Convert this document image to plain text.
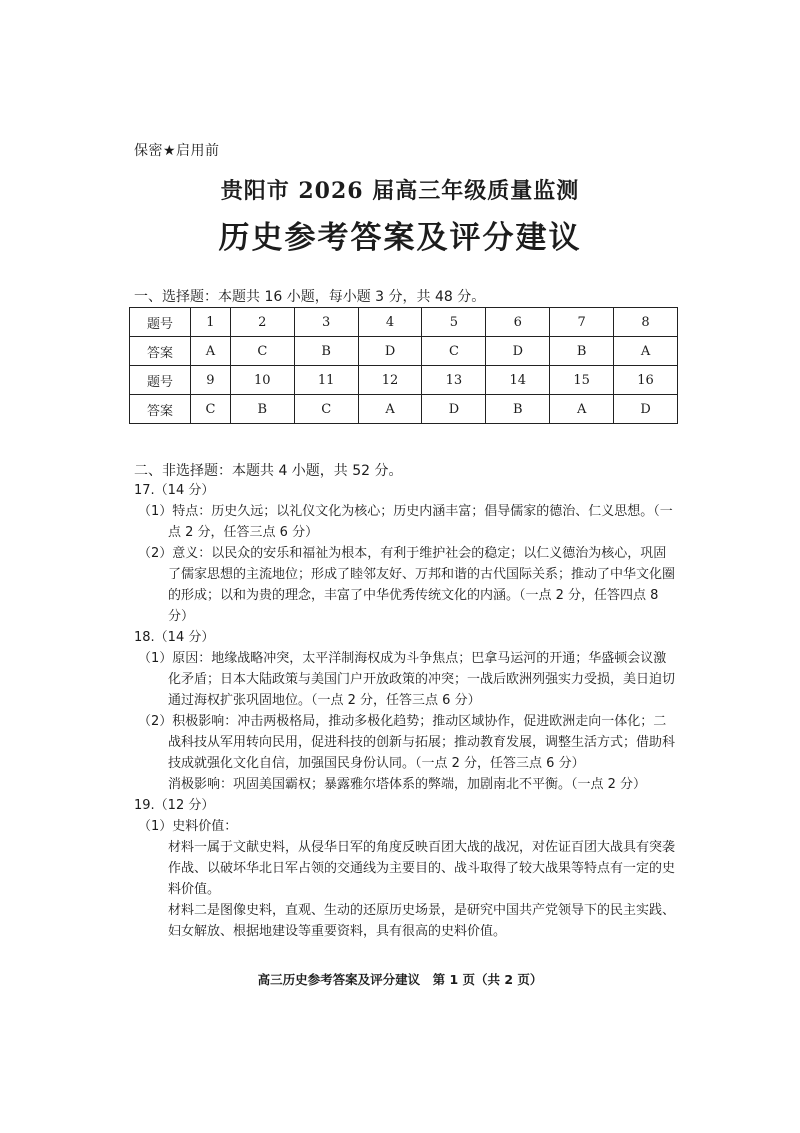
保密★启用前
贵阳市 2026 届高三年级质量监测
历史参考答案及评分建议
一、选择题：本题共 16 小题，每小题 3 分，共 48 分。
题号	1	2	3	4	5	6	7	8
答案	A	C	B	D	C	D	B	A
题号	9	10	11	12	13	14	15	16
答案	C	B	C	A	D	B	A	D
二、非选择题：本题共 4 小题，共 52 分。
17.（14 分）
（1）特点：历史久远；以礼仪文化为核心；历史内涵丰富；倡导儒家的德治、仁义思想。（一点 2 分，任答三点 6 分）
（2）意义：以民众的安乐和福祉为根本，有利于维护社会的稳定；以仁义德治为核心，巩固了儒家思想的主流地位；形成了睦邻友好、万邦和谐的古代国际关系；推动了中华文化圈的形成；以和为贵的理念，丰富了中华优秀传统文化的内涵。（一点 2 分，任答四点 8 分）
18.（14 分）
（1）原因：地缘战略冲突，太平洋制海权成为斗争焦点；巴拿马运河的开通；华盛顿会议激化矛盾；日本大陆政策与美国门户开放政策的冲突；一战后欧洲列强实力受损，美日迫切通过海权扩张巩固地位。（一点 2 分，任答三点 6 分）
（2）积极影响：冲击两极格局，推动多极化趋势；推动区域协作，促进欧洲走向一体化；二战科技从军用转向民用，促进科技的创新与拓展；推动教育发展，调整生活方式；借助科技成就强化文化自信，加强国民身份认同。（一点 2 分，任答三点 6 分）
消极影响：巩固美国霸权；暴露雅尔塔体系的弊端，加剧南北不平衡。（一点 2 分）
19.（12 分）
（1）史料价值：
材料一属于文献史料，从侵华日军的角度反映百团大战的战况，对佐证百团大战具有突袭作战、以破坏华北日军占领的交通线为主要目的、战斗取得了较大战果等特点有一定的史料价值。
材料二是图像史料，直观、生动的还原历史场景，是研究中国共产党领导下的民主实践、妇女解放、根据地建设等重要资料，具有很高的史料价值。
高三历史参考答案及评分建议　第 1 页（共 2 页）
